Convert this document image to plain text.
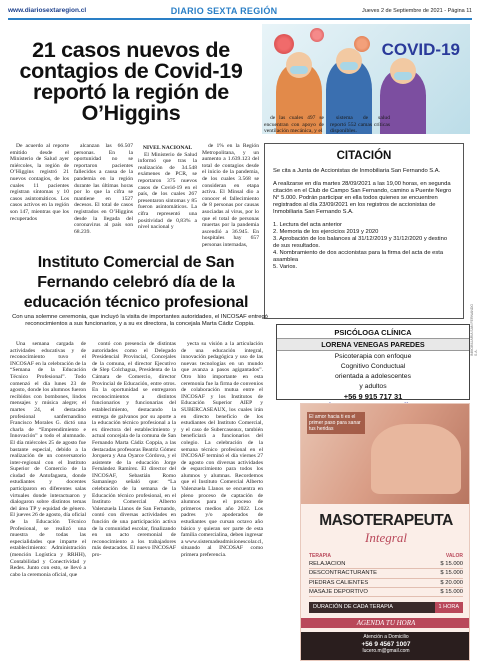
www.diariosextaregion.cl	DIARIO SEXTA REGIÓN	Jueves 2 de Septiembre de 2021 - Página 11
21 casos nuevos de contagios de Covid-19 reportó la región de O’Higgins
COVID-19

De acuerdo al reporte emitido desde el Ministerio de Salud ayer miércoles, la región de O’Higgins registró 21 nuevos contagios, de los cuales 11 pacientes registran síntomas y 10 casos asintomáticos. Los casos activos en la región son 147, mientras que los recuperados

alcanzan las 66.507 personas. En la oportunidad no se reportaron pacientes fallecidos a causa de la pandemia en la región durante las últimas horas por lo que la cifra se mantiene en 1527 decesos. El total de casos registrados en O’Higgins desde la llegada del coronavirus al país son 68.239.

NIVEL NACIONAL

El Ministerio de Salud informó que tras la realización de 34.548 exámenes de PCR, se reportaron 375 nuevos casos de Covid-19 en el país, de los cuales 267 presentaron síntomas y 85 fueron asintomáticos. La cifra representó una positividad de 0,83% a nivel nacional y

de 1% en la Región Metropolitana, y un aumento a 1.639.123 del total de contagios desde el inicio de la pandemia, de los cuales 3.568 se consideran en etapa activa. El Minsal dio a conocer el fallecimiento de 8 personas por causas asociadas al virus, por lo que el total de personas muertas por la pandemia ascendió a 36.945. En hospitales hay 657 personas internadas,

de las cuales 497 se encuentran con apoyo de ventilación mecánica, y el

sistema de salud reportó 552 camas críticas disponibles.

CITACIÓN
Se cita a Junta de Accionistas de Inmobiliaria San Fernando S.A.
A realizarse en día martes 28/09/2021 a las 19,00 horas, en segunda citación en el Club de Campo San Fernando, camino a Puente Negro N° 5.000. Podrán participar en ella todos quienes se encuentren registrados al día 23/09/2021 en los registros de accionistas de Inmobiliaria San Fernando S.A.
1. Lectura del acta anterior
2. Memoria de los ejercicios 2019 y 2020
3. Aprobación de los balances al 31/12/2019 y 31/12/2020 y destino de sus resultados.
4. Nombramiento de dos accionistas para la firma del acta de esta asamblea
5. Varios.
INMOBILIARIA SAN FERNANDO S.A.
Instituto Comercial de San Fernando celebró día de la educación técnico profesional
Con una solemne ceremonia, que incluyó la visita de importantes autoridades, el INCOSAF entregó reconocimientos a sus funcionarios, y a su ex directora, la concejala Marta Cádiz Coppia.

Una semana cargada de actividades educativas y de reconocimiento tuvo el INCOSAF en la celebración de la “Semana de la Educación Técnico Profesional”. Todo comenzó el día lunes 23 de agosto, donde los alumnos fueron recibidos con bombones, lindos mensajes y música alegre; el martes 24, el destacado profesional sanfernandino Francisco Morales G. dictó una charla de “Emprendimiento e Innovación” a todo el alumnado. El día miércoles 25 de agosto fue bastante especial, debido a la realización de un conversatorio inter-regional con el Instituto Superior de Comercio de la ciudad de Antofagasta, donde estudiantes y docentes participaron en diferentes salas virtuales donde interactuaron y dialogaron sobre distintos temas del área TP y equidad de género. El jueves 26 de agosto, día oficial de la Educación Técnico Profesional, se realizó una muestra de todas las especialidades que imparte el establecimiento: Administración (mención Logística y RRHH), Contabilidad y Conectividad y Redes. Junto con esto, se llevó a cabo la ceremonia oficial, que

contó con presencia de distintas autoridades como el Delegado Presidencial Provincial, Concejales de la comuna, el director Ejecutivo de Slep Colchagua, Presidenta de la Cámara de Comercio, director Provincial de Educación, entre otros. En la oportunidad se entregaron reconocimientos a distintos funcionarios y funcionarias del establecimiento, destacando la entrega de galvanos por su aporte a la educación técnico profesional a la ex directora del establecimiento y actual concejala de la comuna de San Fernando Marta Cádiz Coppia, a las destacadas profesoras Beatriz Gómez Jorquera y Ana Oyarce Córdova, y el asistente de la educación Jorge Fernández Ramírez. El director del INCOSAF, Sebastián Romo Samaniego señaló que: “La celebración de la semana de la Educación técnico profesional, en el Instituto Comercial Alberto Valenzuela Llanos de San Fernando, contó con diversas actividades en función de una participación activa de la comunidad escolar, finalizando en un acto ceremonial de reconocimiento a los trabajadores más destacados. El nuevo INCOSAF pro-

yecta su visión a la articulación de una educación integral, innovación pedagógica y uso de las nuevas tecnologías en un mundo que avanza a pasos agigantados”. Otro hito importante en esta ceremonia fue la firma de convenios de colaboración mutua entre el INCOSAF y los Institutos de Educación Superior AIEP y SUBERCASEAUX, los cuales irán en directo beneficio de los estudiantes del Instituto Comercial, y el caso de Subercaseaux, también beneficiará a funcionarios del colegio. La celebración de la semana técnico profesional en el INCOSAF terminó el día viernes 27 de agosto con diversas actividades de esparcimiento para todos los alumnos y alumnas. Recordemos que el Instituto Comercial Alberto Valenzuela Llanos se encuentra en pleno proceso de captación de alumnos para el proceso de primeros medios año 2022. Los padres y/o apoderados de estudiantes que cursan octavo año básico y quieran ser parte de esta familia comercialina, deben ingresar a www.sistemadeadmisionescolar.cl, situando al INCOSAF como primera preferencia.

PSICÓLOGA CLÍNICA
LORENA VENEGAS PAREDES
Psicoterapia con enfoque
Cognitivo Conductual
orientada a adolescentes
y adultos
+56 9 915 717 31
El amor hacia ti es el primer paso para sanar tus heridas
MASOTERAPEUTA
Integral
TERAPIA	VALOR
RELAJACION	$ 15.000
DESCONTRACTURANTE	$ 15.000
PIEDRAS CALIENTES	$ 20.000
MASAJE DEPORTIVO	$ 15.000
DURACIÓN DE CADA TERAPIA	1 HORA
AGENDA TU HORA
Atención a Domicilio
+56 9 4567 1007
lucero.m@gmail.com
